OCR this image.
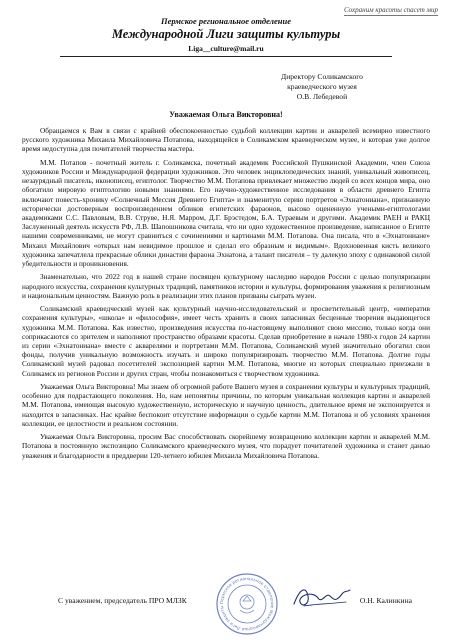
Сохраним красоты спасет мир
Пермское региональное отделение
Международной Лиги защиты культуры
Liga__culture@mail.ru
Директору Соликамского
краеведческого музея
О.В. Лебедевой
Уважаемая Ольга Викторовна!

Обращаемся к Вам в связи с крайней обеспокоенностью судьбой коллекции картин и акварелей всемирно известного русского художника Михаила Михайловича Потапова, находящейся в Соликамском краеведческом музее, и которая уже долгое время недоступна для почитателей творчества мастера.

М.М. Потапов - почетный житель г. Соликамска, почетный академик Российской Пушкинской Академии, член Союза художников России и Международной федерации художников. Это человек энциклопедических знаний, уникальный живописец, незаурядный писатель, иконописец, египтолог. Творчество М.М. Потапова привлекает множество людей со всех концов мира, оно обогатило мировую египтологию новыми знаниями. Его научно-художественное исследования в области древнего Египта включают повесть-хронику «Солнечный Мессия Древнего Египта» и знаменитую серию портретов «Эхнатониана», признанную исторически достоверным воспроизведением обликов египетских фараонов, высоко оцененную учеными-египтологами академиками С.С. Павловым, В.В. Струве, Н.Я. Марром, Д.Г. Брэстедом, Б.А. Тураевым и другими. Академик РАЕН и РАКЦ Заслуженный деятель искусств РФ, Л.В. Шапошникова считала, что ни одно художественное произведение, написанное о Египте нашими современниками, не могут сравниться с сочинениями и картинами М.М. Потапова. Она писала, что в «Эхнатониане» Михаил Михайлович «открыл нам невидимое прошлое и сделал его образным и видимым». Вдохновенная кисть великого художника запечатлела прекрасные облики династии фараона Эхнатона, а талант писателя – ту далекую эпоху с одинаковой силой убедительности и проникновения.

Знаменательно, что 2022 год в нашей стране посвящен культурному наследию народов России с целью популяризации народного искусства, сохранения культурных традиций, памятников истории и культуры, формирования уважения к религиозным и национальным ценностям. Важную роль в реализации этих планов призваны сыграть музеи.

Соликамский краеведческий музей как культурный научно-исследовательский и просветительный центр, «императив сохранения культуры», «школа» и «философия», имеет честь хранить в своих запасниках бесценные творения выдающегося художника М.М. Потапова. Как известно, произведения искусства по-настоящему выполняют свою миссию, только когда они соприкасаются со зрителем и наполняют пространство образами красоты. Сделав приобретение в начале 1980-х годов 24 картин из серии «Эхнатониана» вместе с акварелями и портретами М.М. Потапова, Соликамский музей значительно обогатил свои фонды, получив уникальную возможность изучать и широко популяризировать творчество М.М. Потапова. Долгие годы Соликамский музей радовал посетителей экспозицией картин М.М. Потапова, многие из которых специально приезжали в Соликамск из регионов России и других стран, чтобы познакомиться с творчеством художника.

Уважаемая Ольга Викторовна! Мы знаем об огромной работе Вашего музея в сохранении культуры и культурных традиций, особенно для подрастающего поколения. Но, нам непонятны причины, по которым уникальная коллекция картин и акварелей М.М. Потапова, имеющая высокую художественную, историческую и научную ценность, длительное время не экспонируется и находится в запасниках. Нас крайне беспокоит отсутствие информации о судьбе картин М.М. Потапова и об условиях хранения коллекции, ее целостности и реальном состоянии.

Уважаемая Ольга Викторовна, просим Вас способствовать скорейшему возвращению коллекции картин и акварелей М.М. Потапова в постоянную экспозицию Соликамского краеведческого музея, что порадует почитателей художника и станет данью уважения и благодарности в преддверии 120-летнего юбилея Михаила Михайловича Потапова.

С уважением, председатель ПРО МЛЗК	О.Н. Калинкина
Пермское региональное отделение Международной Лиги защиты
